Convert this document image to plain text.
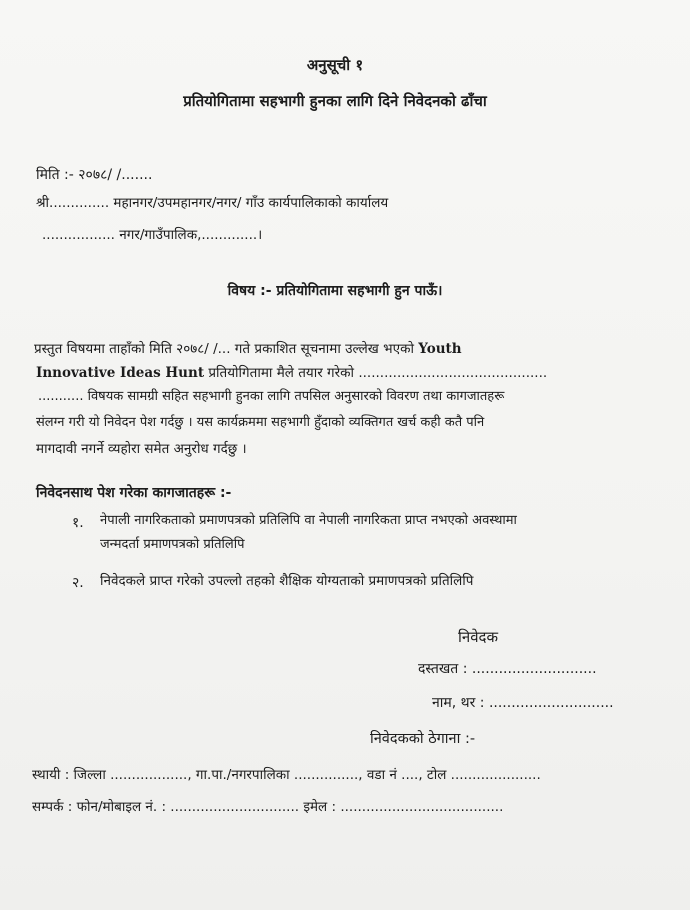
अनुसूची १
प्रतियोगितामा सहभागी हुनका लागि दिने निवेदनको ढाँचा
मिति :- २०७८/ /.......
श्री.............. महानगर/उपमहानगर/नगर/ गाँउ कार्यपालिकाको कार्यालय
................. नगर/गाउँपालिक,.............।
विषय :- प्रतियोगितामा सहभागी हुन पाऊँ।
प्रस्तुत विषयमा ताहाँको मिति २०७८/ /... गते प्रकाशित सूचनामा उल्लेख भएको Youth
Innovative Ideas Hunt प्रतियोगितामा मैले तयार गरेको ............................................
........... विषयक सामग्री सहित सहभागी हुनका लागि तपसिल अनुसारको विवरण तथा कागजातहरू
संलग्न गरी यो निवेदन पेश गर्दछु । यस कार्यक्रममा सहभागी हुँदाको व्यक्तिगत खर्च कही कतै पनि
मागदावी नगर्ने व्यहोरा समेत अनुरोध गर्दछु ।
निवेदनसाथ पेश गरेका कागजातहरू :-
१. नेपाली नागरिकताको प्रमाणपत्रको प्रतिलिपि वा नेपाली नागरिकता प्राप्त नभएको अवस्थामा
जन्मदर्ता प्रमाणपत्रको प्रतिलिपि
२. निवेदकले प्राप्त गरेको उपल्लो तहको शैक्षिक योग्यताको प्रमाणपत्रको प्रतिलिपि
निवेदक
दस्तखत : ............................
नाम, थर : ............................
निवेदकको ठेगाना :-
स्थायी : जिल्ला .................., गा.पा./नगरपालिका ..............., वडा नं ...., टोल .....................
सम्पर्क : फोन/मोबाइल नं. : .............................. इमेल : ......................................
